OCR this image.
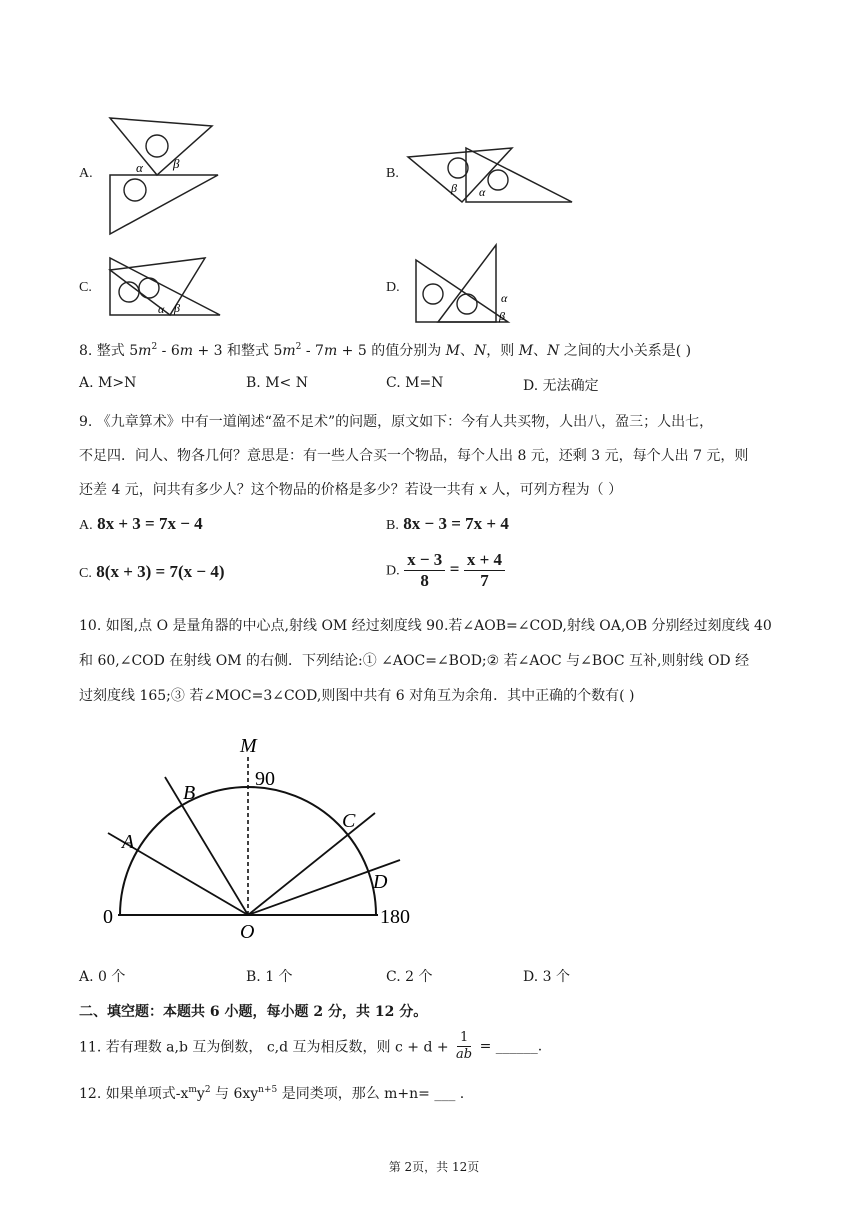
A.	α β
B.
β α
C.
α β
D.
α
β
8. 整式 $5m^2 - 6m + 3$ 和整式 $5m^2 - 7m + 5$ 的值分别为 M、N，则 M、N 之间的大小关系是( )
A. M>N	B. M< N	C. M=N	D. 无法确定
9. 《九章算术》中有一道阐述“盈不足术”的问题，原文如下：今有人共买物，人出八，盈三；人出七，
不足四．问人、物各几何？意思是：有一些人合买一个物品，每个人出 8 元，还剩 3 元，每个人出 7 元，则
还差 4 元，问共有多少人？这个物品的价格是多少？若设一共有 x 人，可列方程为（ ）
A. 8x + 3 = 7x − 4	B. 8x − 3 = 7x + 4
C. 8(x + 3) = 7(x − 4)	D. $\frac{x - 3}{8} = \frac{x + 4}{7}$
10. 如图,点 O 是量角器的中心点,射线 OM 经过刻度线 90.若∠AOB=∠COD,射线 OA,OB 分别经过刻度线 40
和 60,∠COD 在射线 OM 的右侧．下列结论:① ∠AOC=∠BOD;② 若∠AOC 与∠BOC 互补,则射线 OD 经
过刻度线 165;③ 若∠MOC=3∠COD,则图中共有 6 对角互为余角．其中正确的个数有( )
M
90
B
C
A
D
0
O
180
A. 0 个	B. 1 个	C. 2 个	D. 3 个
二、填空题：本题共 6 小题，每小题 2 分，共 12 分。
11. 若有理数 a,b 互为倒数， c,d 互为相反数，则 $c + d + \frac{1}{ab}$ = ______.
12. 如果单项式$-x^my^2$ 与 $6xy^{n+5}$ 是同类项，那么 m+n= ___ .
第 2页，共 12页
